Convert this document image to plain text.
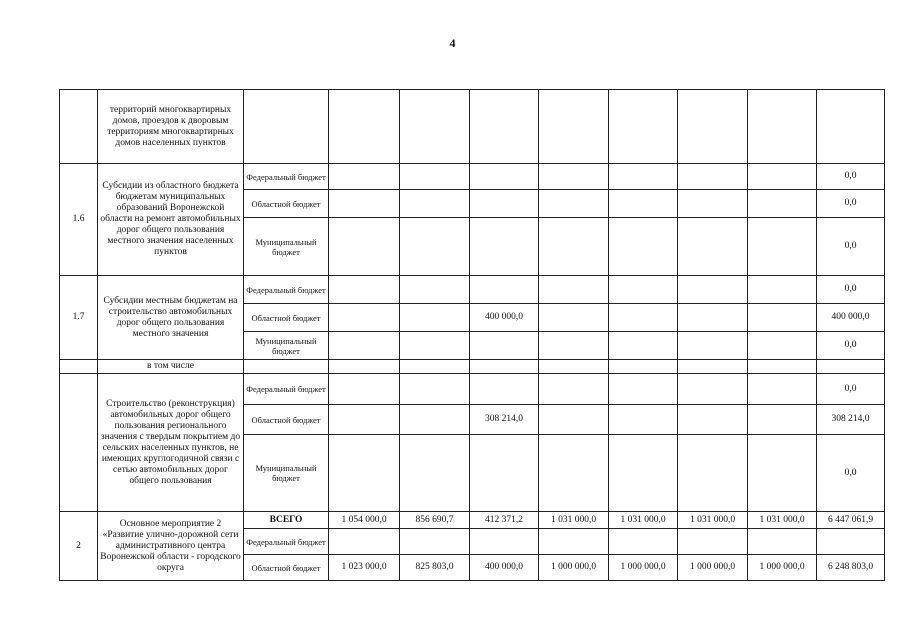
4
	территорий многоквартирных домов, проездов к дворовым территориям многоквартирных домов населенных пунктов									
1.6	Субсидии из областного бюджета бюджетам муниципальных образований Воронежской области на ремонт автомобильных дорог общего пользования местного значения населенных пунктов	Федеральный бюджет								0,0
		Областной бюджет								0,0
		Муниципальный бюджет								0,0
1.7	Субсидии местным бюджетам на строительство автомобильных дорог общего пользования местного значения	Федеральный бюджет								0,0
		Областной бюджет			400 000,0					400 000,0
		Муниципальный бюджет								0,0
	в том числе									
	Строительство (реконструкция) автомобильных дорог общего пользования регионального значения с твердым покрытием до сельских населенных пунктов, не имеющих круглогодичной связи с сетью автомобильных дорог общего пользования	Федеральный бюджет								0,0
		Областной бюджет			308 214,0					308 214,0
		Муниципальный бюджет								0,0
2	Основное мероприятие 2 «Развитие улично-дорожной сети административного центра Воронежской области - городского округа	ВСЕГО	1 054 000,0	856 690,7	412 371,2	1 031 000,0	1 031 000,0	1 031 000,0	1 031 000,0	6 447 061,9
		Федеральный бюджет								
		Областной бюджет	1 023 000,0	825 803,0	400 000,0	1 000 000,0	1 000 000,0	1 000 000,0	1 000 000,0	6 248 803,0
